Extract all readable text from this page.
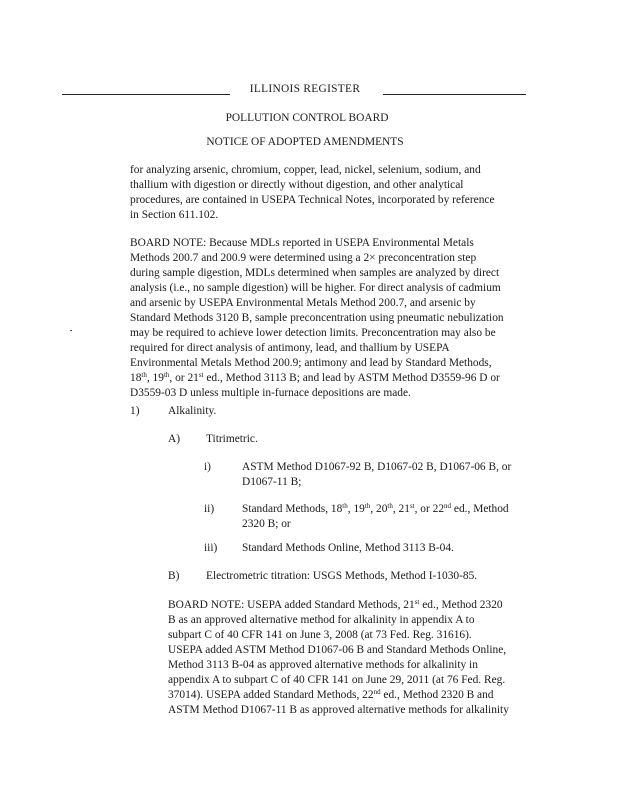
ILLINOIS REGISTER
POLLUTION CONTROL BOARD
NOTICE OF ADOPTED AMENDMENTS

for analyzing arsenic, chromium, copper, lead, nickel, selenium, sodium, and

thallium with digestion or directly without digestion, and other analytical

procedures, are contained in USEPA Technical Notes, incorporated by reference

in Section 611.102.

BOARD NOTE: Because MDLs reported in USEPA Environmental Metals

Methods 200.7 and 200.9 were determined using a 2× preconcentration step

during sample digestion, MDLs determined when samples are analyzed by direct

analysis (i.e., no sample digestion) will be higher. For direct analysis of cadmium

and arsenic by USEPA Environmental Metals Method 200.7, and arsenic by

Standard Methods 3120 B, sample preconcentration using pneumatic nebulization

may be required to achieve lower detection limits. Preconcentration may also be

required for direct analysis of antimony, lead, and thallium by USEPA

Environmental Metals Method 200.9; antimony and lead by Standard Methods,

18th, 19th, or 21st ed., Method 3113 B; and lead by ASTM Method D3559-96 D or

D3559-03 D unless multiple in-furnace depositions are made.

1)	Alkalinity.
A) Titrimetric.
i)	ASTM Method D1067-92 B, D1067-02 B, D1067-06 B, or
D1067-11 B;
ii) Standard Methods, 18th, 19th, 20th, 21st, or 22nd ed., Method
2320 B; or
iii) Standard Methods Online, Method 3113 B-04.
B) Electrometric titration: USGS Methods, Method I-1030-85.
BOARD NOTE: USEPA added Standard Methods, 21st ed., Method 2320
B as an approved alternative method for alkalinity in appendix A to
subpart C of 40 CFR 141 on June 3, 2008 (at 73 Fed. Reg. 31616).
USEPA added ASTM Method D1067-06 B and Standard Methods Online,
Method 3113 B-04 as approved alternative methods for alkalinity in
appendix A to subpart C of 40 CFR 141 on June 29, 2011 (at 76 Fed. Reg.
37014). USEPA added Standard Methods, 22nd ed., Method 2320 B and
ASTM Method D1067-11 B as approved alternative methods for alkalinity
